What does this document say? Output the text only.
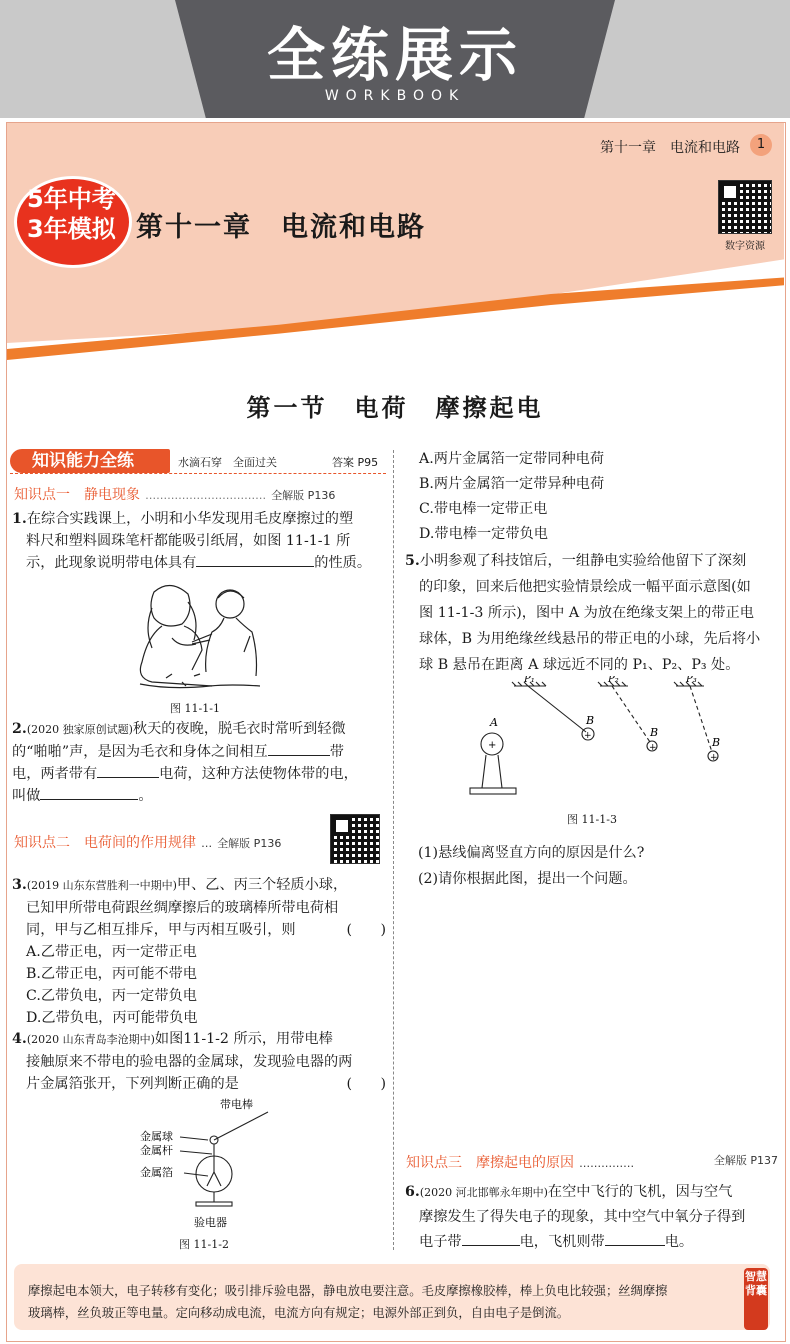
全练展示
WORKBOOK
第十一章　电流和电路	1
5年中考
3年模拟 第十一章　电流和电路
数字资源
第一节　电荷　摩擦起电
知识能力全练	水滴石穿　全面过关	答案 P95
知识点一　静电现象 …………………………… 全解版 P136

1.在综合实践课上，小明和小华发现用毛皮摩擦过的塑

料尺和塑料圆珠笔杆都能吸引纸屑，如图 11-1-1 所

示，此现象说明带电体具有	的性质。

图 11-1-1

2.(2020 独家原创试题)秋天的夜晚，脱毛衣时常听到轻微

的“啪啪”声，是因为毛衣和身体之间相互	带

电，两者带有	电荷，这种方法使物体带的电，

叫做	。

知识点二　电荷间的作用规律 … 全解版 P136

3.(2019 山东东营胜利一中期中)甲、乙、丙三个轻质小球，

已知甲所带电荷跟丝绸摩擦后的玻璃棒所带电荷相

同，甲与乙相互排斥，甲与丙相互吸引，则	(　　)

A.乙带正电，丙一定带正电

B.乙带正电，丙可能不带电

C.乙带负电，丙一定带负电

D.乙带负电，丙可能带负电

4.(2020 山东青岛李沧期中)如图11-1-2 所示，用带电棒

接触原来不带电的验电器的金属球，发现验电器的两

片金属箔张开，下列判断正确的是	(　　)

带电棒
金属球
金属杆
金属箔
验电器
图 11-1-2

A.两片金属箔一定带同种电荷

B.两片金属箔一定带异种电荷

C.带电棒一定带正电

D.带电棒一定带负电

5.小明参观了科技馆后，一组静电实验给他留下了深刻

的印象，回来后他把实验情景绘成一幅平面示意图(如

图 11-1-3 所示)，图中 A 为放在绝缘支架上的带正电

球体，B 为用绝缘丝线悬吊的带正电的小球，先后将小

球 B 悬吊在距离 A 球远近不同的 P₁、P₂、P₃ 处。

A
+
B
+	B
+	B
+
P₁	P₂	P₃
图 11-1-3

(1)悬线偏离竖直方向的原因是什么?

(2)请你根据此图，提出一个问题。

知识点三　摩擦起电的原因 ……………	全解版 P137

6.(2020 河北邯郸永年期中)在空中飞行的飞机，因与空气

摩擦发生了得失电子的现象，其中空气中氧分子得到

电子带	电，飞机则带	电。

摩擦起电本领大，电子转移有变化；吸引排斥验电器，静电放电要注意。毛皮摩擦橡胶棒，棒上负电比较强；丝绸摩擦
玻璃棒，丝负玻正等电量。定向移动成电流，电流方向有规定；电源外部正到负，自由电子是倒流。
智慧背囊
